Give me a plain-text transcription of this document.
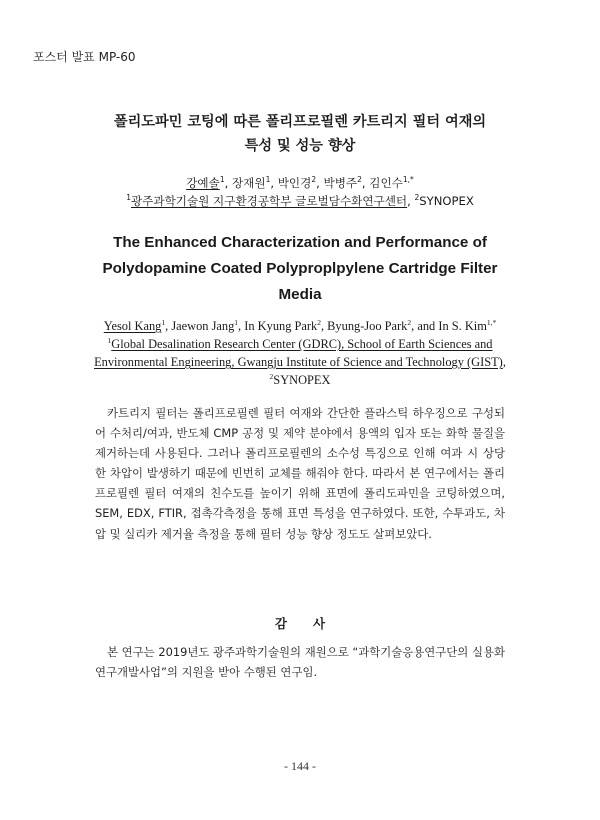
포스터 발표 MP-60
폴리도파민 코팅에 따른 폴리프로필렌 카트리지 필터 여재의
특성 및 성능 향상
강예솔$^1$, 장재원$^1$, 박인경$^2$, 박병주$^2$, 김인수$^{1,*}$
$^1$광주과학기술원 지구환경공학부 글로벌담수화연구센터, $^2$SYNOPEX
The Enhanced Characterization and Performance of
Polydopamine Coated Polyproplpylene Cartridge Filter
Media
Yesol Kang$^1$, Jaewon Jang$^1$, In Kyung Park$^2$, Byung-Joo Park$^2$, and In S. Kim$^{1,*}$
$^1$Global Desalination Research Center (GDRC), School of Earth Sciences and
Environmental Engineering, Gwangju Institute of Science and Technology (GIST),
$^2$SYNOPEX

카트리지 필터는 폴리프로필렌 필터 여재와 간단한 플라스틱 하우징으로 구성되어 수처리/여과, 반도체 CMP 공정 및 제약 분야에서 용액의 입자 또는 화학 물질을 제거하는데 사용된다. 그러나 폴리프로필렌의 소수성 특징으로 인해 여과 시 상당한 차압이 발생하기 때문에 빈번히 교체를 해줘야 한다. 따라서 본 연구에서는 폴리프로필렌 필터 여재의 친수도를 높이기 위해 표면에 폴리도파민을 코팅하였으며, SEM, EDX, FTIR, 접촉각측정을 통해 표면 특성을 연구하였다. 또한, 수투과도, 차압 및 실리카 제거율 측정을 통해 필터 성능 향상 정도도 살펴보았다.

감사

본 연구는 2019년도 광주과학기술원의 재원으로 “과학기술응용연구단의 실용화 연구개발사업”의 지원을 받아 수행된 연구임.

- 144 -
